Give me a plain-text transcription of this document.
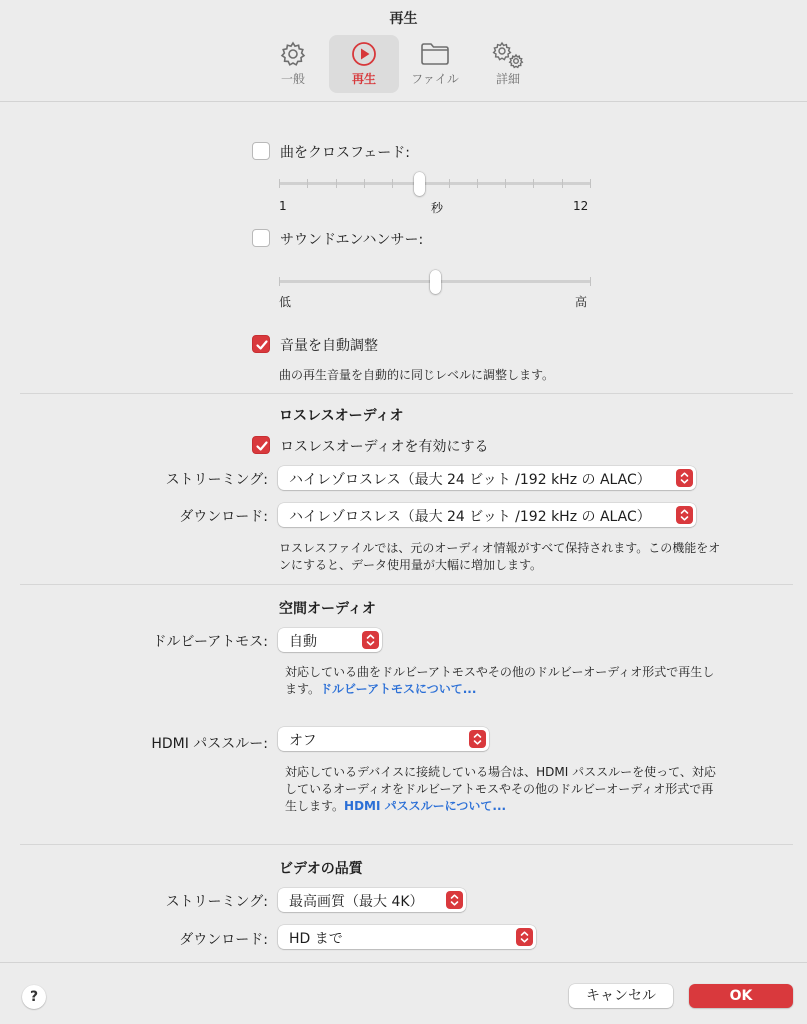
再生
一般	再生	ファイル	詳細
曲をクロスフェード:
1	秒	12
サウンドエンハンサー:
低	高
音量を自動調整
曲の再生音量を自動的に同じレベルに調整します。
ロスレスオーディオ
ロスレスオーディオを有効にする
ストリーミング: ハイレゾロスレス（最大 24 ビット /192 kHz の ALAC）
ダウンロード: ハイレゾロスレス（最大 24 ビット /192 kHz の ALAC）
ロスレスファイルでは、元のオーディオ情報がすべて保持されます。この機能をオ
ンにすると、データ使用量が大幅に増加します。
空間オーディオ
ドルビーアトモス: 自動
対応している曲をドルビーアトモスやその他のドルビーオーディオ形式で再生し
ます。ドルビーアトモスについて...
HDMI パススルー: オフ
対応しているデバイスに接続している場合は、HDMI パススルーを使って、対応
しているオーディオをドルビーアトモスやその他のドルビーオーディオ形式で再
生します。HDMI パススルーについて...
ビデオの品質
ストリーミング: 最高画質（最大 4K）
ダウンロード: HD まで
?	キャンセル	OK
